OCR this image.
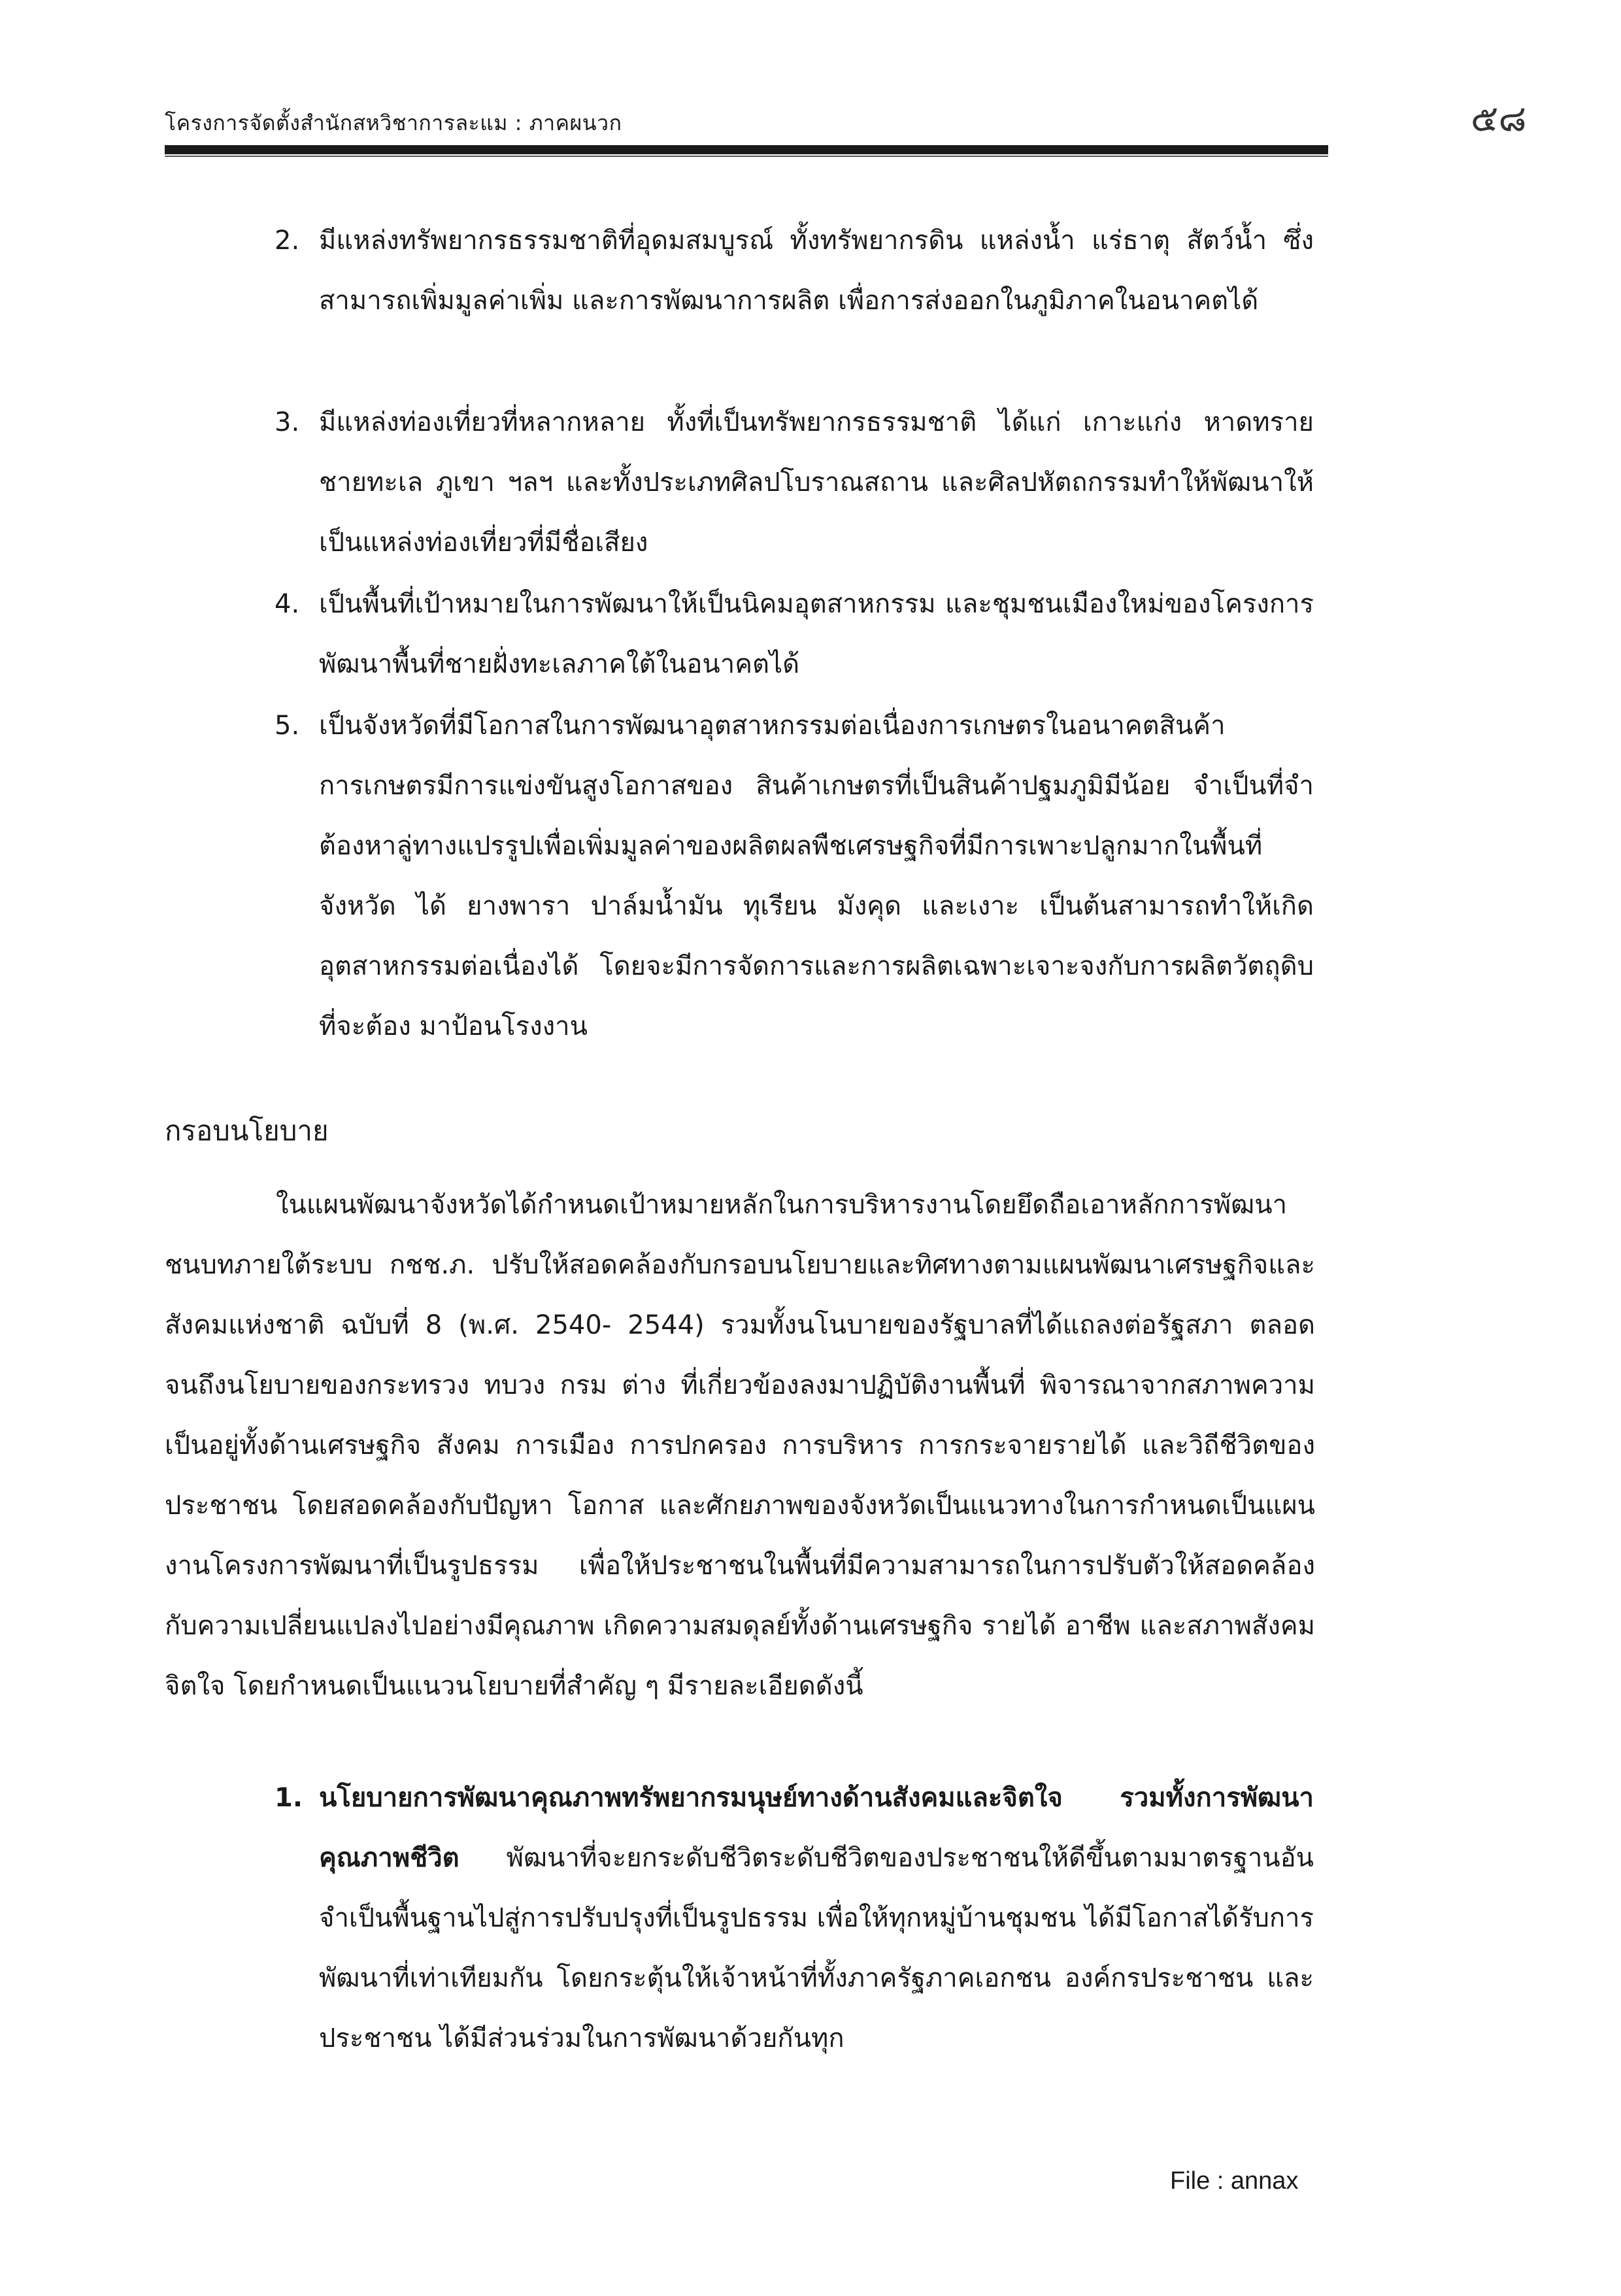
โครงการจัดตั้งสำนักสหวิชาการละแม : ภาคผนวก	๕๘
2. มีแหล่งทรัพยากรธรรมชาติที่อุดมสมบูรณ์ ทั้งทรัพยากรดิน แหล่งน้ำ แร่ธาตุ สัตว์น้ำ ซึ่งสามารถเพิ่มมูลค่าเพิ่ม และการพัฒนาการผลิต เพื่อการส่งออกในภูมิภาคในอนาคตได้
3. มีแหล่งท่องเที่ยวที่หลากหลาย ทั้งที่เป็นทรัพยากรธรรมชาติ ได้แก่ เกาะแก่ง หาดทราย ชายทะเล ภูเขา ฯลฯ และทั้งประเภทศิลปโบราณสถาน และศิลปหัตถกรรมทำให้พัฒนาให้เป็นแหล่งท่องเที่ยวที่มีชื่อเสียง
4. เป็นพื้นที่เป้าหมายในการพัฒนาให้เป็นนิคมอุตสาหกรรม และชุมชนเมืองใหม่ของโครงการพัฒนาพื้นที่ชายฝั่งทะเลภาคใต้ในอนาคตได้
5. เป็นจังหวัดที่มีโอกาสในการพัฒนาอุตสาหกรรมต่อเนื่องการเกษตรในอนาคตสินค้าการเกษตรมีการแข่งขันสูงโอกาสของ สินค้าเกษตรที่เป็นสินค้าปฐมภูมิมีน้อย จำเป็นที่จำต้องหาลู่ทางแปรรูปเพื่อเพิ่มมูลค่าของผลิตผลพืชเศรษฐกิจที่มีการเพาะปลูกมากในพื้นที่จังหวัด ได้ ยางพารา ปาล์มน้ำมัน ทุเรียน มังคุด และเงาะ เป็นต้นสามารถทำให้เกิดอุตสาหกรรมต่อเนื่องได้ โดยจะมีการจัดการและการผลิตเฉพาะเจาะจงกับการผลิตวัตถุดิบที่จะต้อง มาป้อนโรงงาน
กรอบนโยบาย
ในแผนพัฒนาจังหวัดได้กำหนดเป้าหมายหลักในการบริหารงานโดยยึดถือเอาหลักการพัฒนาชนบทภายใต้ระบบ กชช.ภ. ปรับให้สอดคล้องกับกรอบนโยบายและทิศทางตามแผนพัฒนาเศรษฐกิจและสังคมแห่งชาติ ฉบับที่ 8 (พ.ศ. 2540- 2544) รวมทั้งนโนบายของรัฐบาลที่ได้แถลงต่อรัฐสภา ตลอดจนถึงนโยบายของกระทรวง ทบวง กรม ต่าง ที่เกี่ยวข้องลงมาปฏิบัติงานพื้นที่ พิจารณาจากสภาพความเป็นอยู่ทั้งด้านเศรษฐกิจ สังคม การเมือง การปกครอง การบริหาร การกระจายรายได้ และวิถีชีวิตของประชาชน โดยสอดคล้องกับปัญหา โอกาส และศักยภาพของจังหวัดเป็นแนวทางในการกำหนดเป็นแผนงานโครงการพัฒนาที่เป็นรูปธรรม เพื่อให้ประชาชนในพื้นที่มีความสามารถในการปรับตัวให้สอดคล้องกับความเปลี่ยนแปลงไปอย่างมีคุณภาพ เกิดความสมดุลย์ทั้งด้านเศรษฐกิจ รายได้ อาชีพ และสภาพสังคม จิตใจ โดยกำหนดเป็นแนวนโยบายที่สำคัญ ๆ มีรายละเอียดดังนี้
1. นโยบายการพัฒนาคุณภาพทรัพยากรมนุษย์ทางด้านสังคมและจิตใจ รวมทั้งการพัฒนาคุณภาพชีวิต พัฒนาที่จะยกระดับชีวิตระดับชีวิตของประชาชนให้ดีขึ้นตามมาตรฐานอันจำเป็นพื้นฐานไปสู่การปรับปรุงที่เป็นรูปธรรม เพื่อให้ทุกหมู่บ้านชุมชน ได้มีโอกาสได้รับการพัฒนาที่เท่าเทียมกัน โดยกระตุ้นให้เจ้าหน้าที่ทั้งภาครัฐภาคเอกชน องค์กรประชาชน และประชาชน ได้มีส่วนร่วมในการพัฒนาด้วยกันทุก
File : annax
